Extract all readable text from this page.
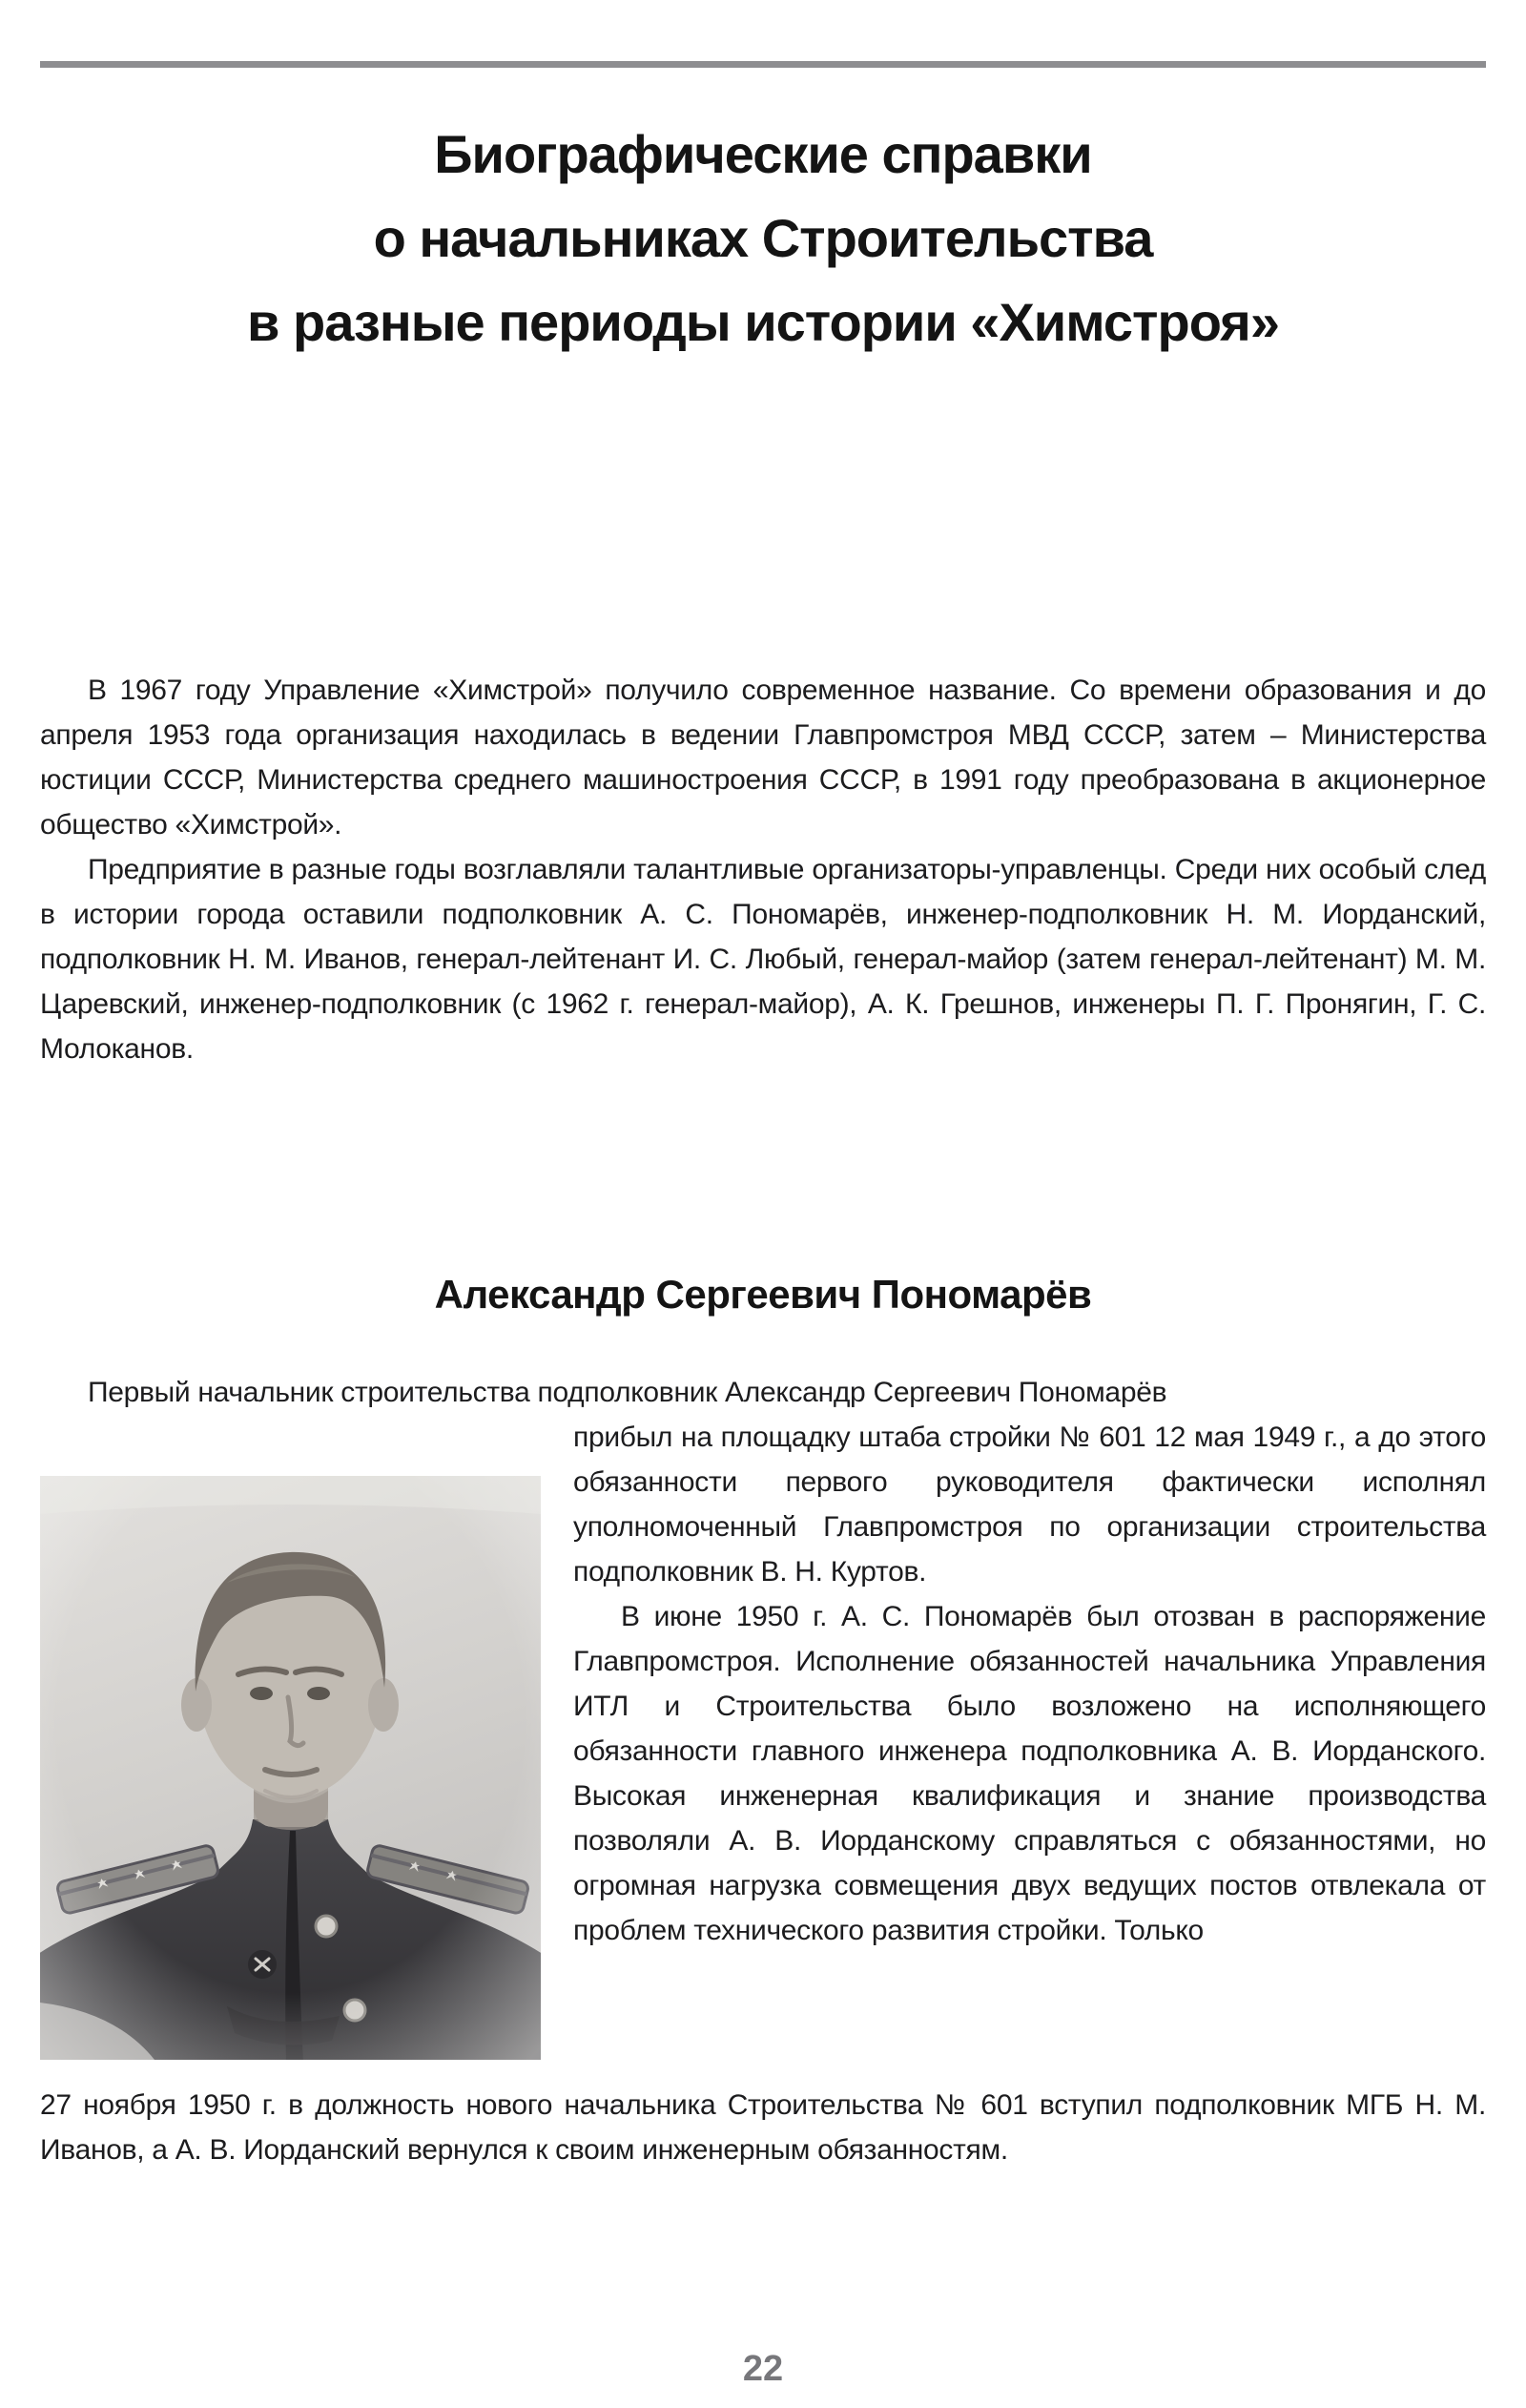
Биографические справки
о начальниках Строительства
в разные периоды истории «Химстроя»

В 1967 году Управление «Химстрой» получило современное название. Со времени образования и до апреля 1953 года организация находилась в ведении Главпромстроя МВД СССР, затем – Министерства юстиции СССР, Министерства среднего машиностроения СССР, в 1991 году преобразована в акционерное общество «Химстрой».

Предприятие в разные годы возглавляли талантливые организаторы-управленцы. Среди них особый след в истории города оставили подполковник А. С. Пономарёв, инженер-подполковник Н. М. Иорданский, подполковник Н. М. Иванов, генерал-лейтенант И. С. Любый, генерал-майор (затем генерал-лейтенант) М. М. Царевский, инженер-подполковник (с 1962 г. генерал-майор), А. К. Грешнов, инженеры П. Г. Пронягин, Г. С. Молоканов.

Александр Сергеевич Пономарёв

Первый начальник строительства подполковник Александр Сергеевич Пономарёв

прибыл на площадку штаба стройки № 601 12 мая 1949 г., а до этого обязанности первого руководителя фактически исполнял уполномоченный Главпромстроя по организации строительства подполковник В. Н. Куртов.

В июне 1950 г. А. С. Пономарёв был отозван в распоряжение Главпромстроя. Исполнение обязанностей начальника Управления ИТЛ и Строительства было возложено на исполняющего обязанности главного инженера подполковника А. В. Иорданского. Высокая инженерная квалификация и знание производства позволяли А. В. Иорданскому справляться с обязанностями, но огромная нагрузка совмещения двух ведущих постов отвлекала от проблем технического развития стройки. Только

27 ноября 1950 г. в должность нового начальника Строительства № 601 вступил подполковник МГБ Н. М. Иванов, а А. В. Иорданский вернулся к своим инженерным обязанностям.

22
